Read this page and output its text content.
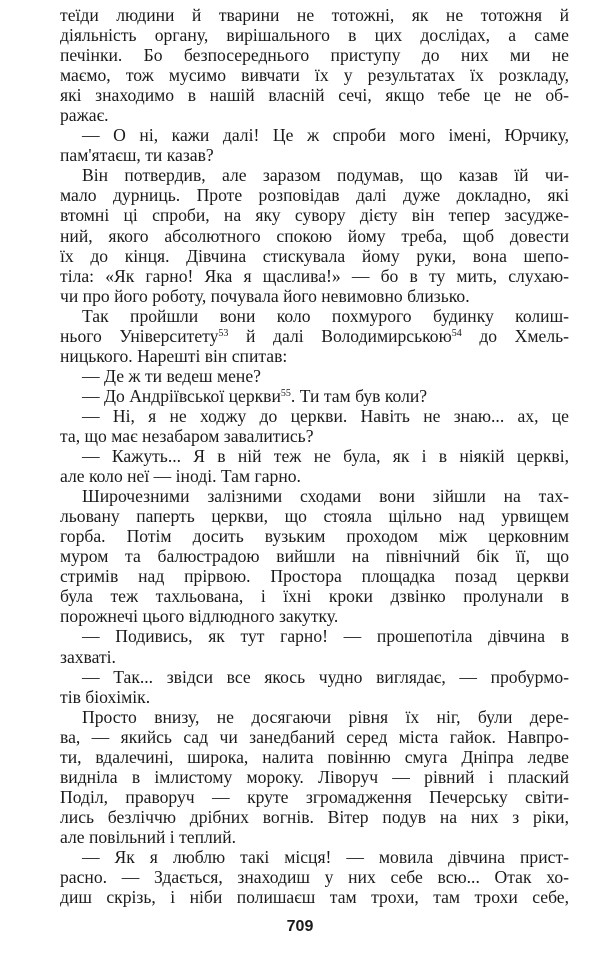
теїди людини й тварини не тотожні, як не тотожня й
діяльність органу, вирішального в цих дослідах, а саме
печінки. Бо безпосереднього приступу до них ми не
маємо, тож мусимо вивчати їх у результатах їх розкладу,
які знаходимо в нашій власній сечі, якщо тебе це не об-
ражає.
— О ні, кажи далі! Це ж спроби мого імені, Юрчику,
пам'ятаєш, ти казав?
Він потвердив, але заразом подумав, що казав їй чи-
мало дурниць. Проте розповідав далі дуже докладно, які
втомні ці спроби, на яку сувору дієту він тепер засудже-
ний, якого абсолютного спокою йому треба, щоб довести
їх до кінця. Дівчина стискувала йому руки, вона шепо-
тіла: «Як гарно! Яка я щаслива!» — бо в ту мить, слухаю-
чи про його роботу, почувала його невимовно близько.
Так пройшли вони коло похмурого будинку колиш-
нього Університету$^{53}$ й далі Володимирською$^{54}$ до Хмель-
ницького. Нарешті він спитав:
— Де ж ти ведеш мене?
— До Андріївської церкви$^{55}$. Ти там був коли?
— Ні, я не ходжу до церкви. Навіть не знаю... ах, це
та, що має незабаром завалитись?
— Кажуть... Я в ній теж не була, як і в ніякій церкві,
але коло неї — іноді. Там гарно.
Широчезними залізними сходами вони зійшли на тах-
льовану паперть церкви, що стояла щільно над урвищем
горба. Потім досить вузьким проходом між церковним
муром та балюстрадою вийшли на північний бік її, що
стримів над прірвою. Простора площадка позад церкви
була теж тахльована, і їхні кроки дзвінко пролунали в
порожнечі цього відлюдного закутку.
— Подивись, як тут гарно! — прошепотіла дівчина в
захваті.
— Так... звідси все якось чудно виглядає, — пробурмо-
тів біохімік.
Просто внизу, не досягаючи рівня їх ніг, були дере-
ва, — якийсь сад чи занедбаний серед міста гайок. Навпро-
ти, вдалечині, широка, налита повінню смуга Дніпра ледве
виднілa в імлистому мороку. Ліворуч — рівний і плаский
Поділ, праворуч — круте згромадження Печерську світи-
лись безліччю дрібних вогнів. Вітер подув на них з ріки,
але повільний і теплий.
— Як я люблю такі місця! — мовила дівчина прист-
расно. — Здається, знаходиш у них себе всю... Отак хо-
диш скрізь, і ніби полишаєш там трохи, там трохи себе,
709
